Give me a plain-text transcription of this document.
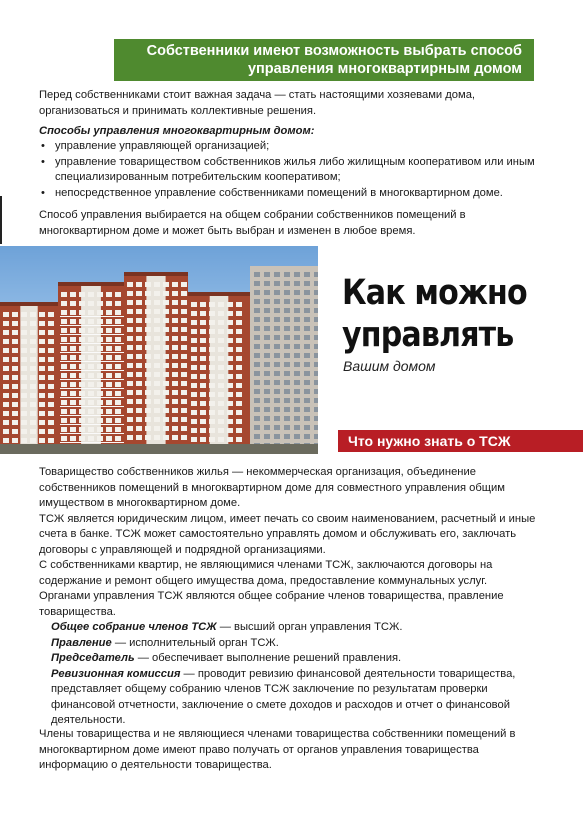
Собственники имеют возможность выбрать способ
управления многоквартирным домом

Перед собственниками стоит важная задача — стать настоящими хозяевами дома, организоваться и принимать коллективные решения.

Способы управления многоквартирным домом:

• управление управляющей организацией;
• управление товариществом собственников жилья либо жилищным кооперативом или иным специализированным потребительским кооперативом;
• непосредственное управление собственниками помещений в многоквартирном доме.

Способ управления выбирается на общем собрании собственников помещений в многоквартирном доме и может быть выбран и изменен в любое время.

Как можно
управлять
Вашим домом
Что нужно знать о ТСЖ

Товарищество собственников жилья — некоммерческая организация, объединение собственников помещений в многоквартирном доме для совместного управления общим имуществом в многоквартирном доме.

ТСЖ является юридическим лицом, имеет печать со своим наименованием, расчетный и иные счета в банке. ТСЖ может самостоятельно управлять домом и обслуживать его, заключать договоры с управляющей и подрядной организациями.

С собственниками квартир, не являющимися членами ТСЖ, заключаются договоры на содержание и ремонт общего имущества дома, предоставление коммунальных услуг.

Органами управления ТСЖ являются общее собрание членов товарищества, правление товарищества.

Общее собрание членов ТСЖ — высший орган управления ТСЖ.
Правление — исполнительный орган ТСЖ.
Председатель — обеспечивает выполнение решений правления.
Ревизионная комиссия — проводит ревизию финансовой деятельности товарищества, представляет общему собранию членов ТСЖ заключение по результатам проверки финансовой отчетности, заключение о смете доходов и расходов и отчет о финансовой деятельности.

Члены товарищества и не являющиеся членами товарищества собственники помещений в многоквартирном доме имеют право получать от органов управления товарищества информацию о деятельности товарищества.
